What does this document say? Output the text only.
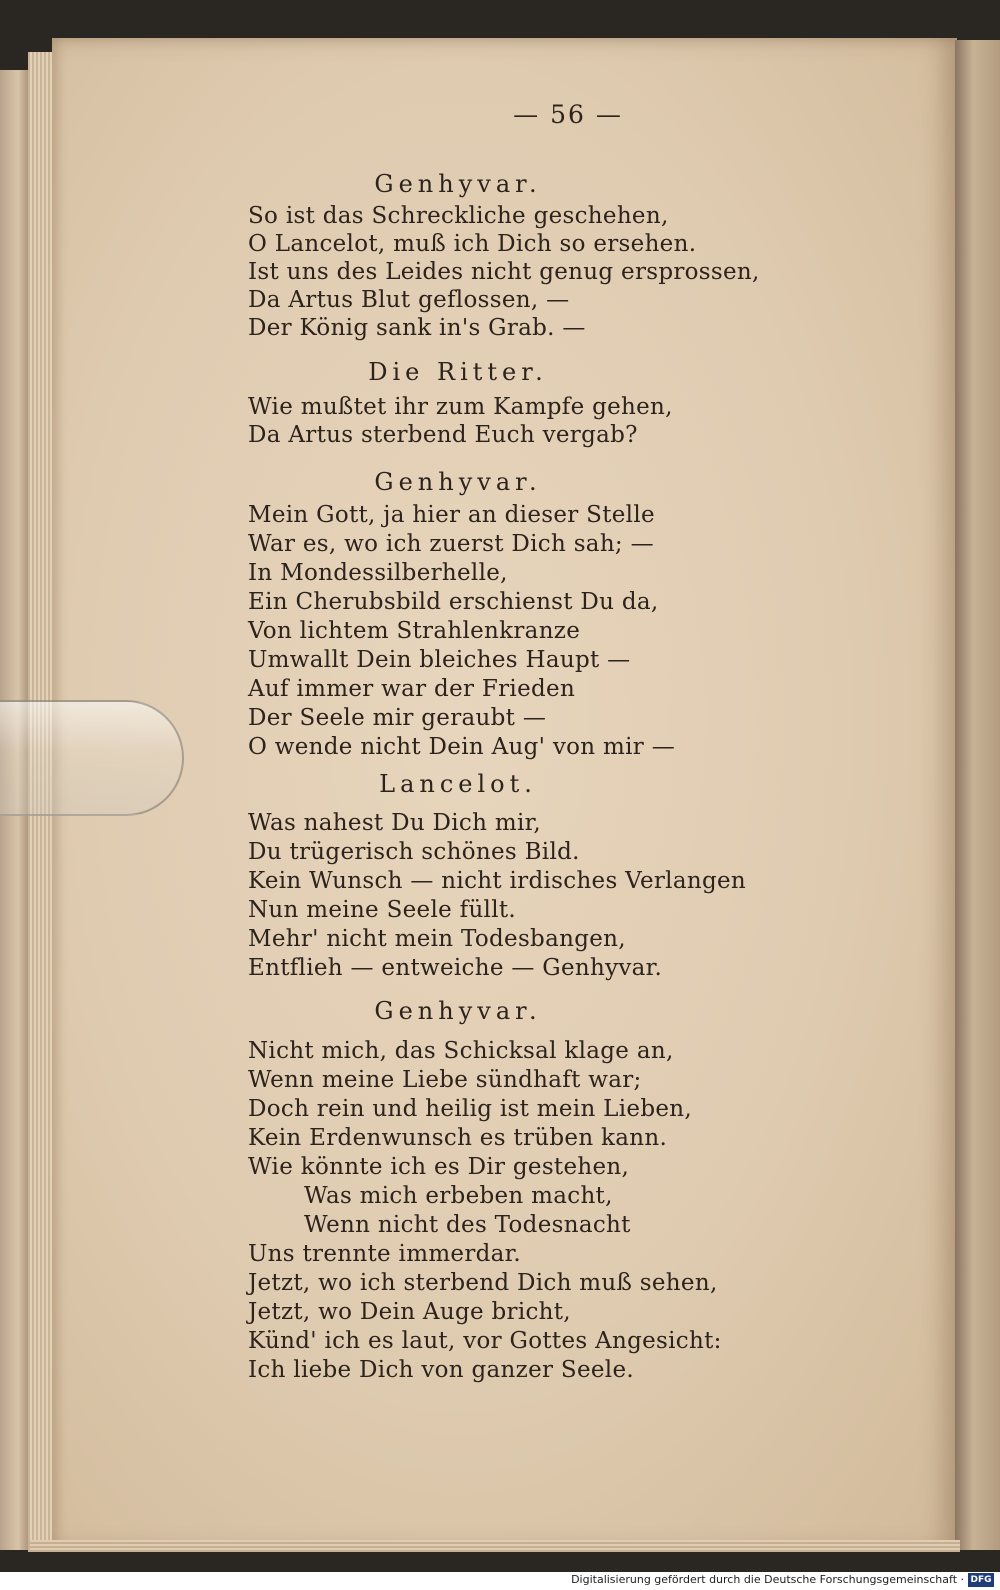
— 56 —
Genhyvar.
So ist das Schreckliche geschehen,
O Lancelot, muß ich Dich so ersehen.
Ist uns des Leides nicht genug ersprossen,
Da Artus Blut geflossen, —
Der König sank in's Grab. —
Die Ritter.
Wie mußtet ihr zum Kampfe gehen,
Da Artus sterbend Euch vergab?
Genhyvar.
Mein Gott, ja hier an dieser Stelle
War es, wo ich zuerst Dich sah; —
In Mondessilberhelle,
Ein Cherubsbild erschienst Du da,
Von lichtem Strahlenkranze
Umwallt Dein bleiches Haupt —
Auf immer war der Frieden
Der Seele mir geraubt —
O wende nicht Dein Aug' von mir —
Lancelot.
Was nahest Du Dich mir,
Du trügerisch schönes Bild.
Kein Wunsch — nicht irdisches Verlangen
Nun meine Seele füllt.
Mehr' nicht mein Todesbangen,
Entflieh — entweiche — Genhyvar.
Genhyvar.
Nicht mich, das Schicksal klage an,
Wenn meine Liebe sündhaft war;
Doch rein und heilig ist mein Lieben,
Kein Erdenwunsch es trüben kann.
Wie könnte ich es Dir gestehen,
Was mich erbeben macht,
Wenn nicht des Todesnacht
Uns trennte immerdar.
Jetzt, wo ich sterbend Dich muß sehen,
Jetzt, wo Dein Auge bricht,
Künd' ich es laut, vor Gottes Angesicht:
Ich liebe Dich von ganzer Seele.
Digitalisierung gefördert durch die Deutsche Forschungsgemeinschaft · DFG
